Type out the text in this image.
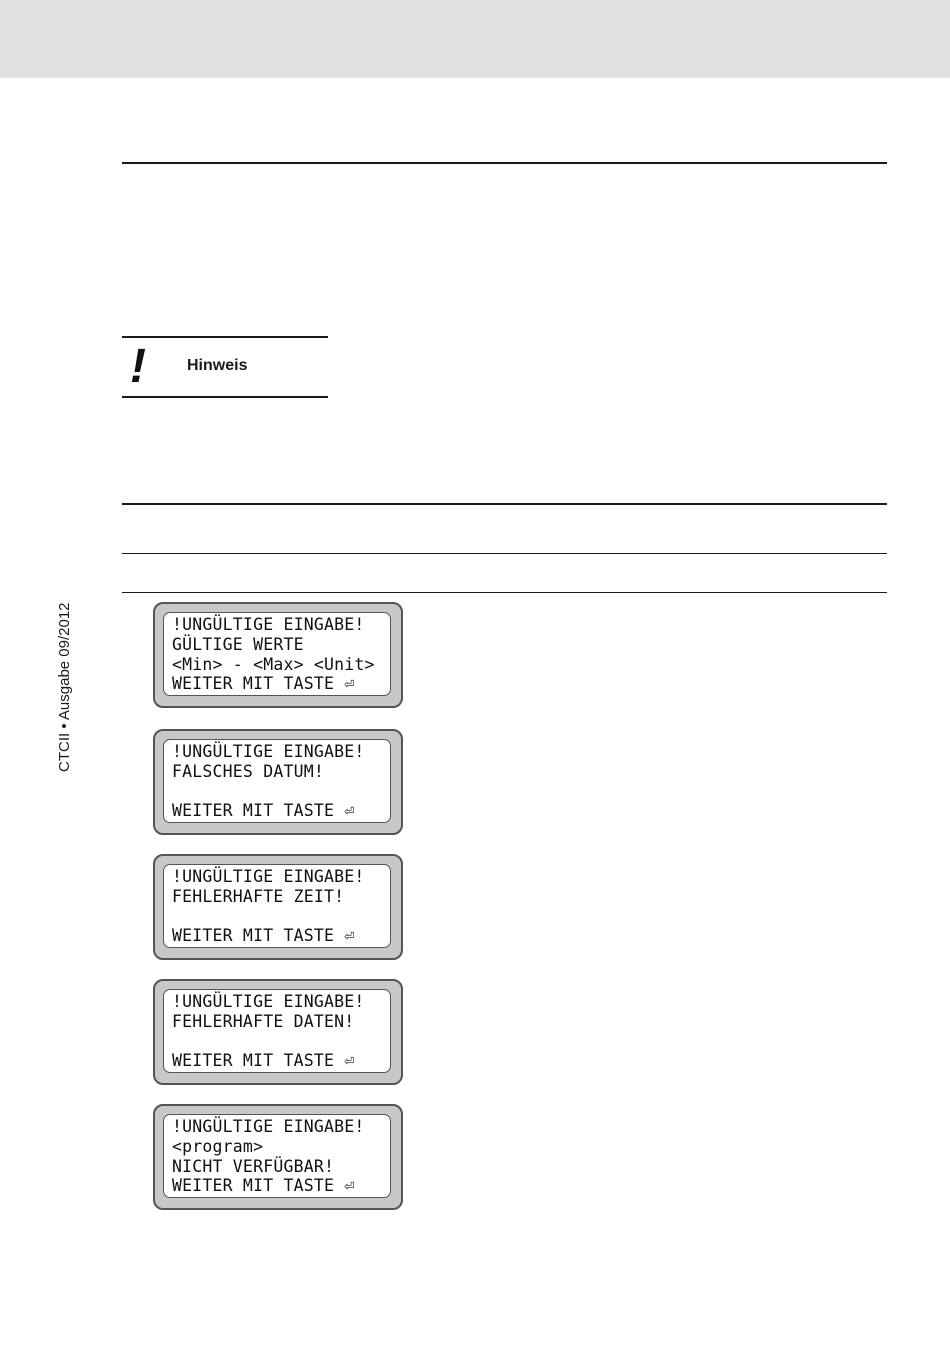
!	Hinweis
CTCII • Ausgabe 09/2012	!UNGÜLTIGE EINGABE!
GÜLTIGE WERTE
<Min> - <Max> <Unit>
WEITER MIT TASTE ⏎
!UNGÜLTIGE EINGABE!
FALSCHES DATUM!
WEITER MIT TASTE ⏎
!UNGÜLTIGE EINGABE!
FEHLERHAFTE ZEIT!
WEITER MIT TASTE ⏎
!UNGÜLTIGE EINGABE!
FEHLERHAFTE DATEN!
WEITER MIT TASTE ⏎
!UNGÜLTIGE EINGABE!
<program>
NICHT VERFÜGBAR!
WEITER MIT TASTE ⏎
